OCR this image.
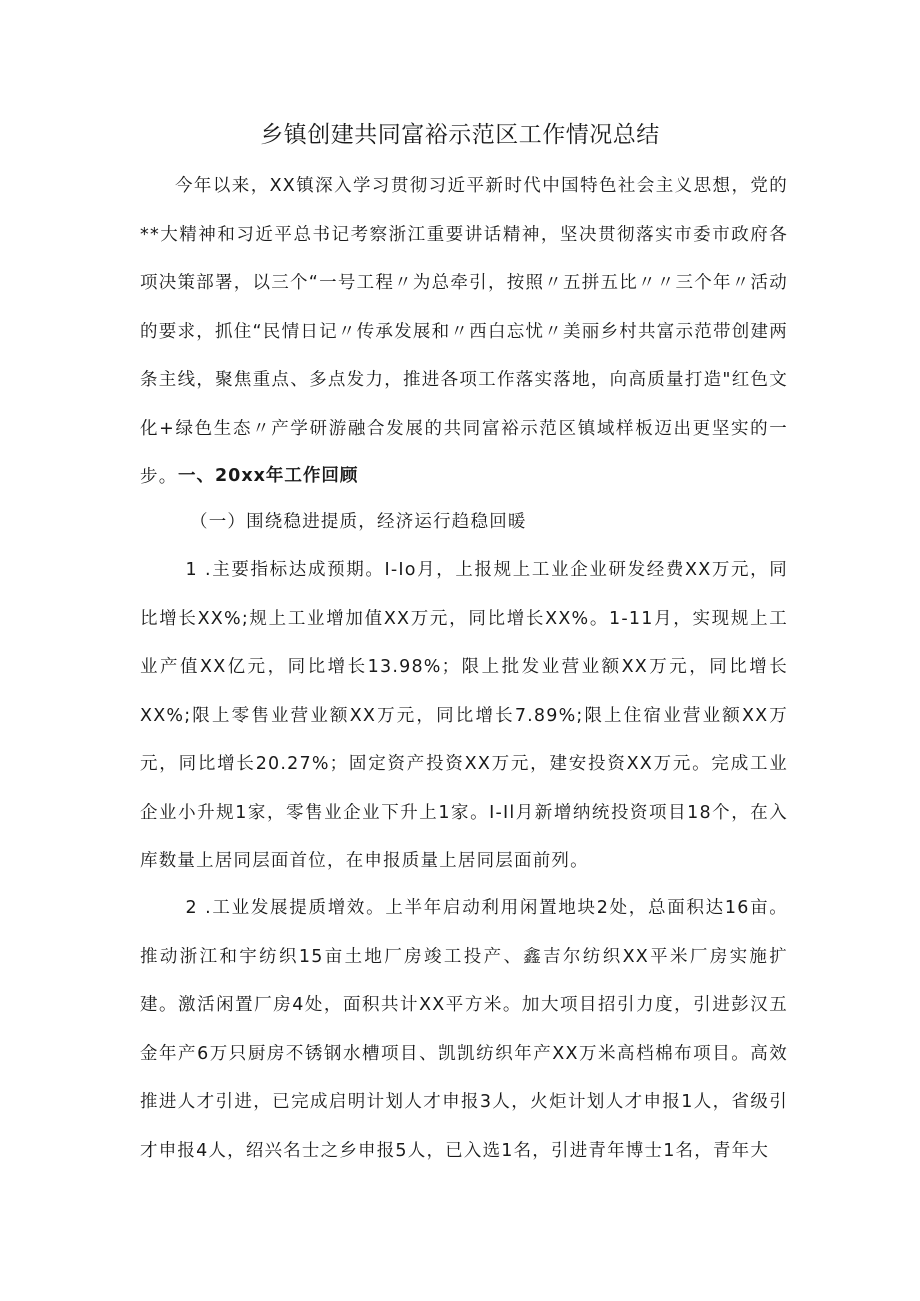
乡镇创建共同富裕示范区工作情况总结

今年以来，XX镇深入学习贯彻习近平新时代中国特色社会主义思想，党的**大精神和习近平总书记考察浙江重要讲话精神，坚决贯彻落实市委市政府各项决策部署，以三个“一号工程〃为总牵引，按照〃五拼五比〃〃三个年〃活动的要求，抓住“民情日记〃传承发展和〃西白忘忧〃美丽乡村共富示范带创建两条主线，聚焦重点、多点发力，推进各项工作落实落地，向高质量打造"红色文化+绿色生态〃产学研游融合发展的共同富裕示范区镇域样板迈出更坚实的一步。 一、20xx年工作回顾

（一）围绕稳进提质，经济运行趋稳回暖

1 .主要指标达成预期。I-Io月，上报规上工业企业研发经费XX万元，同比增长XX%;规上工业增加值XX万元，同比增长XX%。1-11月，实现规上工业产值XX亿元，同比增长13.98%；限上批发业营业额XX万元，同比增长XX%;限上零售业营业额XX万元，同比增长7.89%;限上住宿业营业额XX万元，同比增长20.27%；固定资产投资XX万元，建安投资XX万元。完成工业企业小升规1家，零售业企业下升上1家。I-Il月新增纳统投资项目18个，在入库数量上居同层面首位，在申报质量上居同层面前列。

2 .工业发展提质增效。上半年启动利用闲置地块2处，总面积达16亩。推动浙江和宇纺织15亩土地厂房竣工投产、鑫吉尔纺织XX平米厂房实施扩建。激活闲置厂房4处，面积共计XX平方米。加大项目招引力度，引进彭汉五金年产6万只厨房不锈钢水槽项目、凯凯纺织年产XX万米高档棉布项目。高效推进人才引进，已完成启明计划人才申报3人，火炬计划人才申报1人，省级引才申报4人，绍兴名士之乡申报5人，已入选1名，引进青年博士1名，青年大
